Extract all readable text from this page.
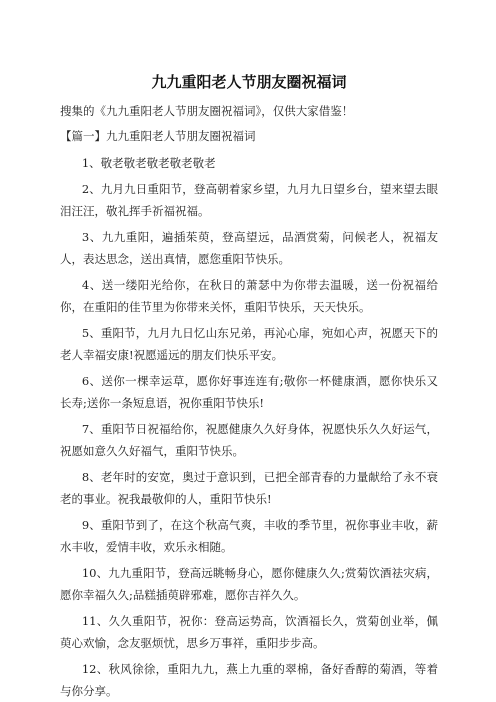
九九重阳老人节朋友圈祝福词
搜集的《九九重阳老人节朋友圈祝福词》，仅供大家借鉴！
【篇一】九九重阳老人节朋友圈祝福词
1、敬老敬老敬老敬老敬老
2、九月九日重阳节，登高朝着家乡望，九月九日望乡台，望来望去眼泪汪汪，敬礼挥手祈福祝福。
3、九九重阳，遍插茱萸，登高望远，品酒赏菊，问候老人，祝福友人，表达思念，送出真情，愿您重阳节快乐。
4、送一缕阳光给你，在秋日的萧瑟中为你带去温暖，送一份祝福给你，在重阳的佳节里为你带来关怀，重阳节快乐，天天快乐。
5、重阳节，九月九日忆山东兄弟，再沁心扉，宛如心声，祝愿天下的老人幸福安康!祝愿遥远的朋友们快乐平安。
6、送你一棵幸运草，愿你好事连连有;敬你一杯健康酒，愿你快乐又长寿;送你一条短息语，祝你重阳节快乐!
7、重阳节日祝福给你，祝愿健康久久好身体，祝愿快乐久久好运气，祝愿如意久久好福气，重阳节快乐。
8、老年时的安宽，奥过于意识到，已把全部青春的力量献给了永不衰老的事业。祝我最敬仰的人，重阳节快乐!
9、重阳节到了，在这个秋高气爽，丰收的季节里，祝你事业丰收，薪水丰收，爱情丰收，欢乐永相随。
10、九九重阳节，登高远眺畅身心，愿你健康久久;赏菊饮酒祛灾病，愿你幸福久久;品糕插萸辟邪难，愿你吉祥久久。
11、久久重阳节，祝你：登高运势高，饮酒福长久，赏菊创业举，佩萸心欢愉，念友驱烦忧，思乡万事祥，重阳步步高。
12、秋风徐徐，重阳九九，燕上九重的翠棉，备好香醇的菊酒，等着与你分享。
